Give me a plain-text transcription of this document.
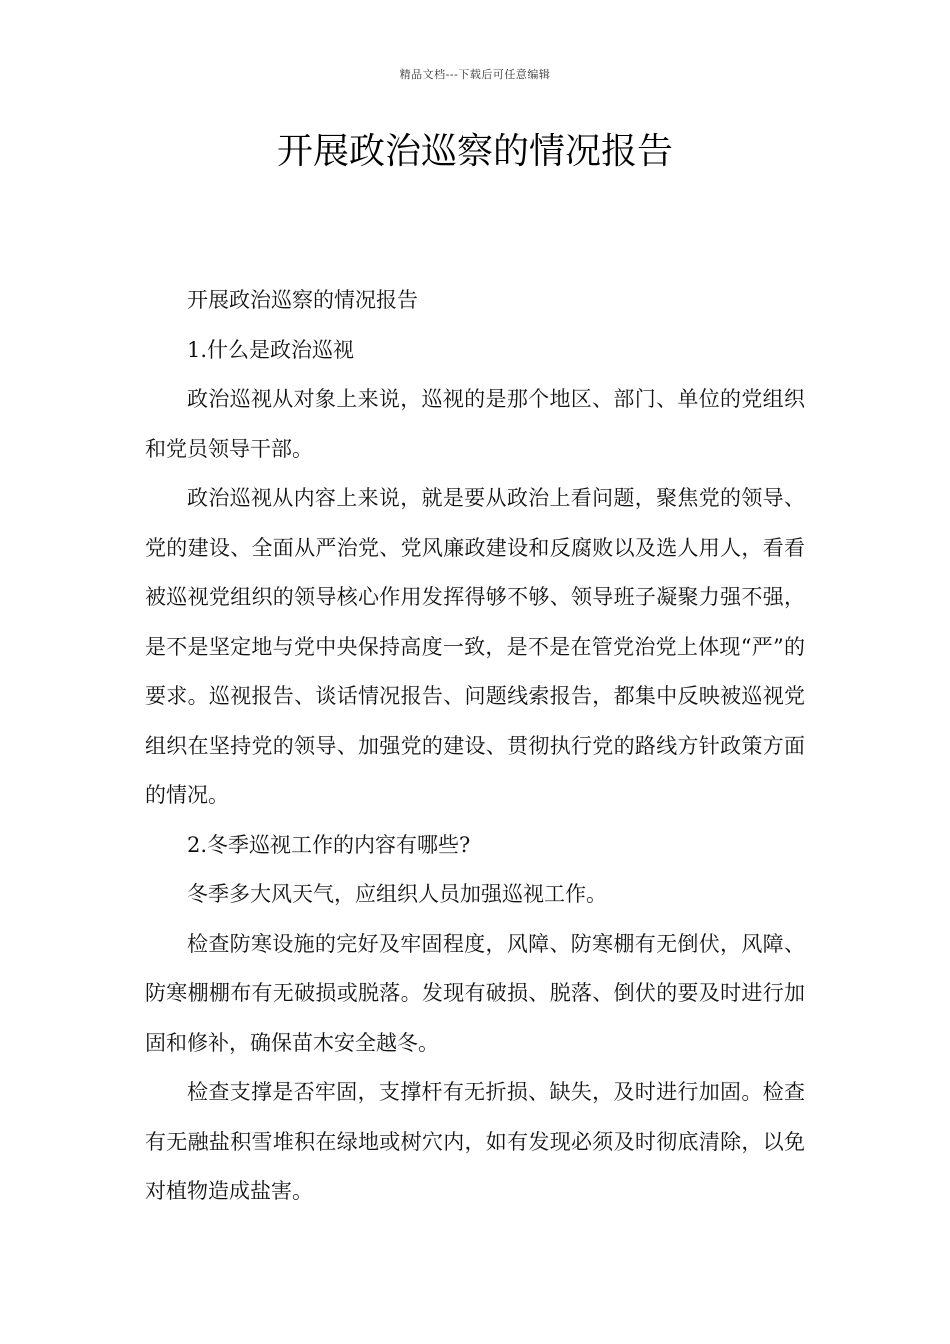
精品文档---下载后可任意编辑
开展政治巡察的情况报告

开展政治巡察的情况报告

1.什么是政治巡视

政治巡视从对象上来说，巡视的是那个地区、部门、单位的党组织和党员领导干部。

政治巡视从内容上来说，就是要从政治上看问题，聚焦党的领导、党的建设、全面从严治党、党风廉政建设和反腐败以及选人用人，看看被巡视党组织的领导核心作用发挥得够不够、领导班子凝聚力强不强，是不是坚定地与党中央保持高度一致，是不是在管党治党上体现“严”的要求。巡视报告、谈话情况报告、问题线索报告，都集中反映被巡视党组织在坚持党的领导、加强党的建设、贯彻执行党的路线方针政策方面的情况。

2.冬季巡视工作的内容有哪些?

冬季多大风天气，应组织人员加强巡视工作。

检查防寒设施的完好及牢固程度，风障、防寒棚有无倒伏，风障、防寒棚棚布有无破损或脱落。发现有破损、脱落、倒伏的要及时进行加固和修补，确保苗木安全越冬。

检查支撑是否牢固，支撑杆有无折损、缺失，及时进行加固。检查有无融盐积雪堆积在绿地或树穴内，如有发现必须及时彻底清除，以免对植物造成盐害。
